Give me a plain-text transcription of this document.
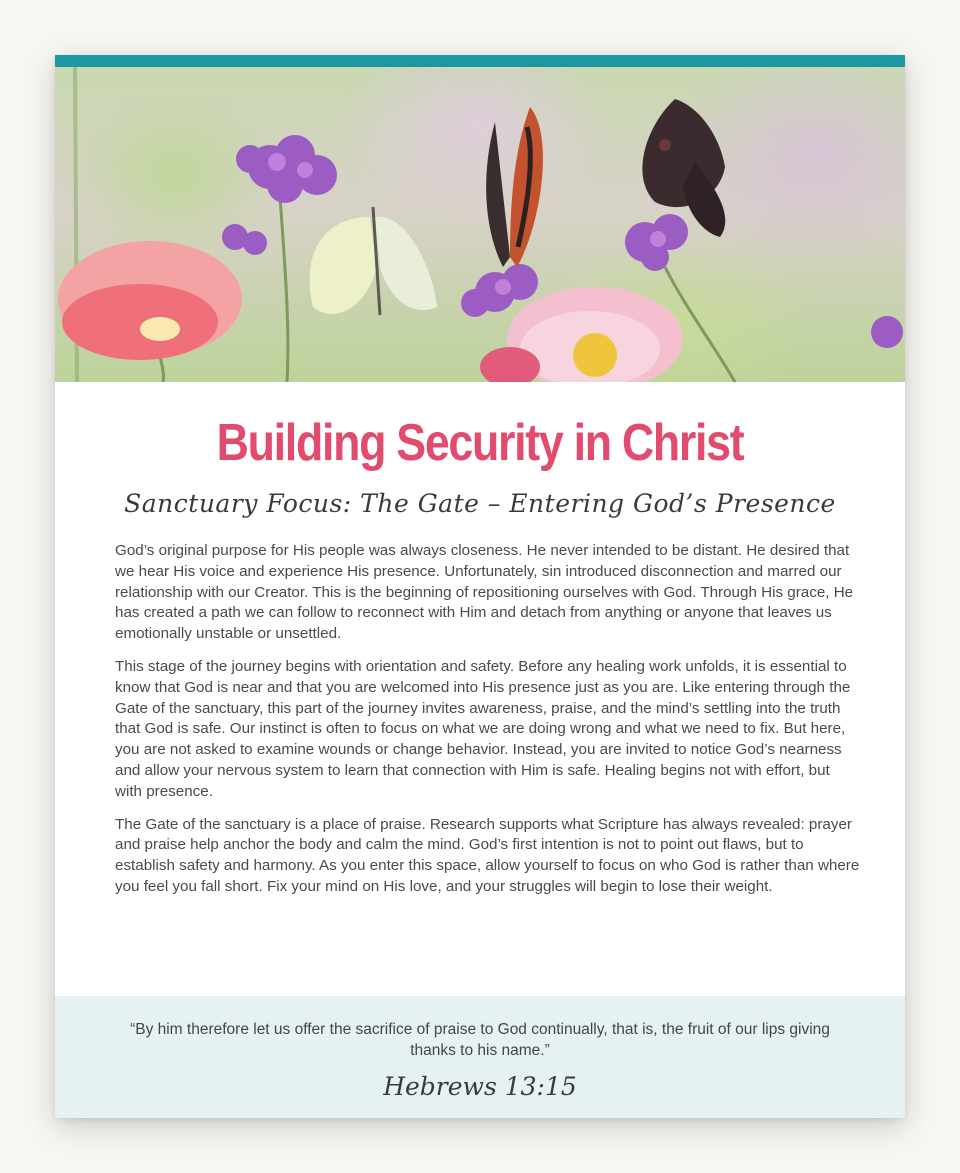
Building Security in Christ
Sanctuary Focus: The Gate – Entering God’s Presence

God’s original purpose for His people was always closeness. He never intended to be distant. He desired that we hear His voice and experience His presence. Unfortunately, sin introduced disconnection and marred our relationship with our Creator. This is the beginning of repositioning ourselves with God. Through His grace, He has created a path we can follow to reconnect with Him and detach from anything or anyone that leaves us emotionally unstable or unsettled.

This stage of the journey begins with orientation and safety. Before any healing work unfolds, it is essential to know that God is near and that you are welcomed into His presence just as you are. Like entering through the Gate of the sanctuary, this part of the journey invites awareness, praise, and the mind’s settling into the truth that God is safe. Our instinct is often to focus on what we are doing wrong and what we need to fix. But here, you are not asked to examine wounds or change behavior. Instead, you are invited to notice God’s nearness and allow your nervous system to learn that connection with Him is safe. Healing begins not with effort, but with presence.

The Gate of the sanctuary is a place of praise. Research supports what Scripture has always revealed: prayer and praise help anchor the body and calm the mind. God’s first intention is not to point out flaws, but to establish safety and harmony. As you enter this space, allow yourself to focus on who God is rather than where you feel you fall short. Fix your mind on His love, and your struggles will begin to lose their weight.

“By him therefore let us offer the sacrifice of praise to God continually, that is, the fruit of our lips giving thanks to his name.”
Hebrews 13:15
